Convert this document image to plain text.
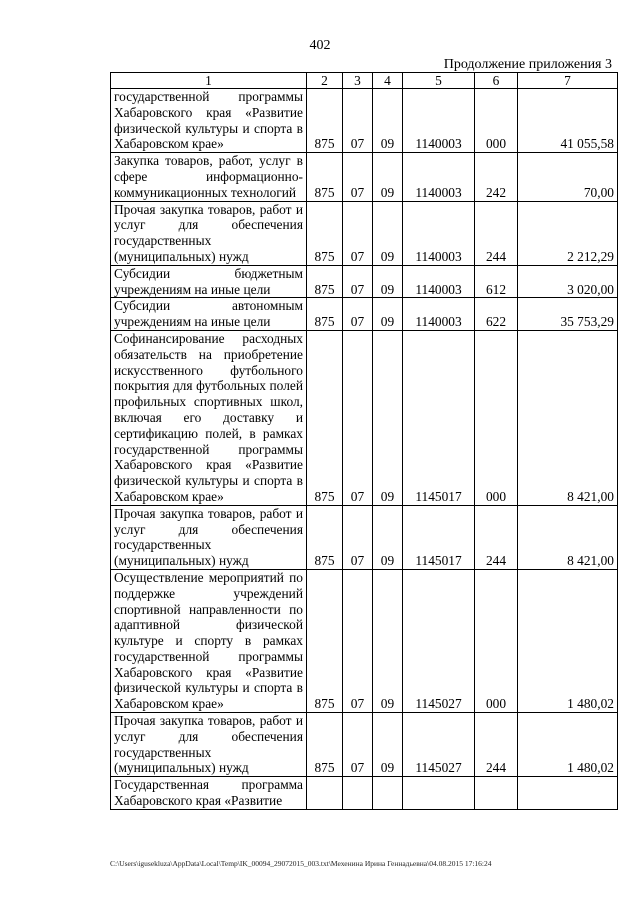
402
Продолжение приложения 3
1	2	3	4	5	6	7
государственной программы Хабаровского края «Развитие физической культуры и спорта в Хабаровском крае»	875	07	09	1140003	000	41 055,58
Закупка товаров, работ, услуг в сфере информационно-коммуникационных технологий	875	07	09	1140003	242	70,00
Прочая закупка товаров, работ и услуг для обеспечения государственных (муниципальных) нужд	875	07	09	1140003	244	2 212,29
Субсидии бюджетным учреждениям на иные цели	875	07	09	1140003	612	3 020,00
Субсидии автономным учреждениям на иные цели	875	07	09	1140003	622	35 753,29
Софинансирование расходных обязательств на приобретение искусственного футбольного покрытия для футбольных полей профильных спортивных школ, включая его доставку и сертификацию полей, в рамках государственной программы Хабаровского края «Развитие физической культуры и спорта в Хабаровском крае»	875	07	09	1145017	000	8 421,00
Прочая закупка товаров, работ и услуг для обеспечения государственных (муниципальных) нужд	875	07	09	1145017	244	8 421,00
Осуществление мероприятий по поддержке учреждений спортивной направленности по адаптивной физической культуре и спорту в рамках государственной программы Хабаровского края «Развитие физической культуры и спорта в Хабаровском крае»	875	07	09	1145027	000	1 480,02
Прочая закупка товаров, работ и услуг для обеспечения государственных (муниципальных) нужд	875	07	09	1145027	244	1 480,02
Государственная программа Хабаровского края «Развитие						
C:\Users\igusekluza\AppData\Local\Temp\IK_00094_29072015_003.txt\Мехенина Ирина Геннадьевна\04.08.2015 17:16:24
